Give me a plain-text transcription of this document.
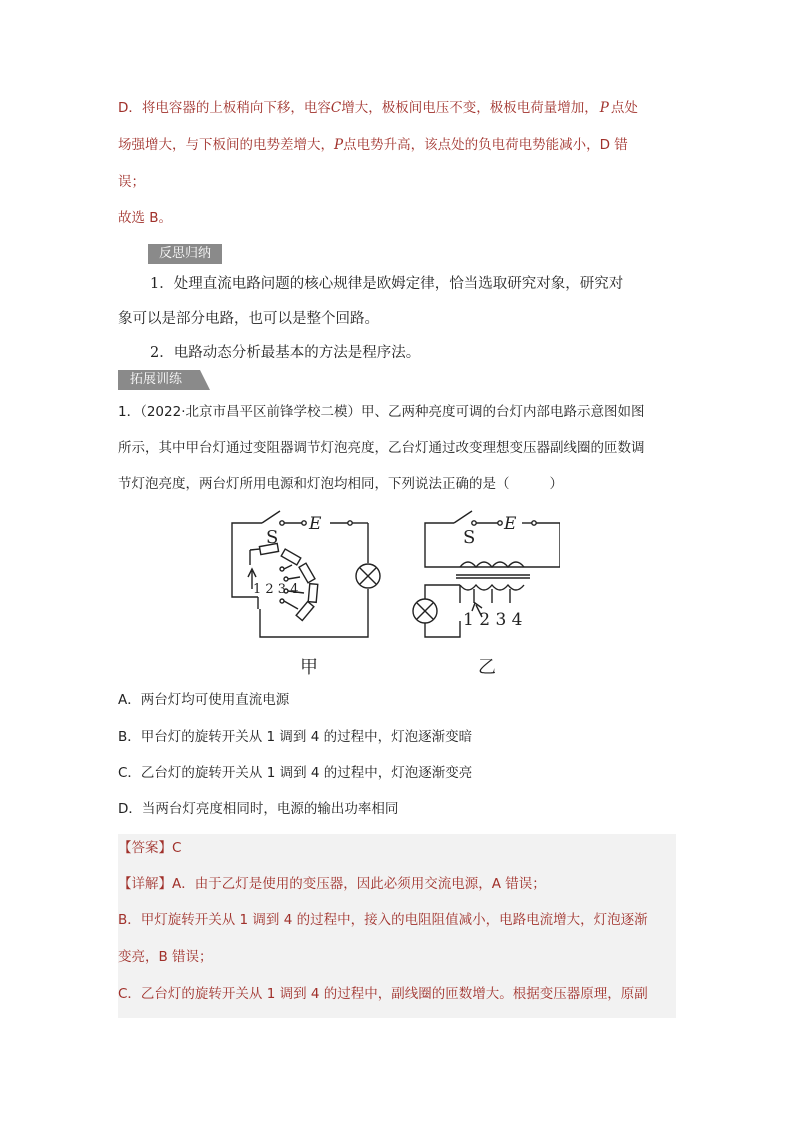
D．将电容器的上板稍向下移，电容C增大，极板间电压不变，极板电荷量增加， P 点处
场强增大，与下板间的电势差增大，P点电势升高，该点处的负电荷电势能减小，D 错
误；
故选 B。
反思归纳
1．处理直流电路问题的核心规律是欧姆定律，恰当选取研究对象，研究对
象可以是部分电路，也可以是整个回路。
2．电路动态分析最基本的方法是程序法。
拓展训练
1．（2022·北京市昌平区前锋学校二模）甲、乙两种亮度可调的台灯内部电路示意图如图
所示，其中甲台灯通过变阻器调节灯泡亮度，乙台灯通过改变理想变压器副线圈的匝数调
节灯泡亮度，两台灯所用电源和灯泡均相同，下列说法正确的是（	）
S
E
1 2 3 4
甲
S
E
1 2 3 4
乙
A．两台灯均可使用直流电源
B．甲台灯的旋转开关从 1 调到 4 的过程中，灯泡逐渐变暗
C．乙台灯的旋转开关从 1 调到 4 的过程中，灯泡逐渐变亮
D．当两台灯亮度相同时，电源的输出功率相同
【答案】C
【详解】A．由于乙灯是使用的变压器，因此必须用交流电源，A 错误；
B．甲灯旋转开关从 1 调到 4 的过程中，接入的电阻阻值减小，电路电流增大，灯泡逐渐
变亮，B 错误；
C．乙台灯的旋转开关从 1 调到 4 的过程中，副线圈的匝数增大。根据变压器原理，原副
